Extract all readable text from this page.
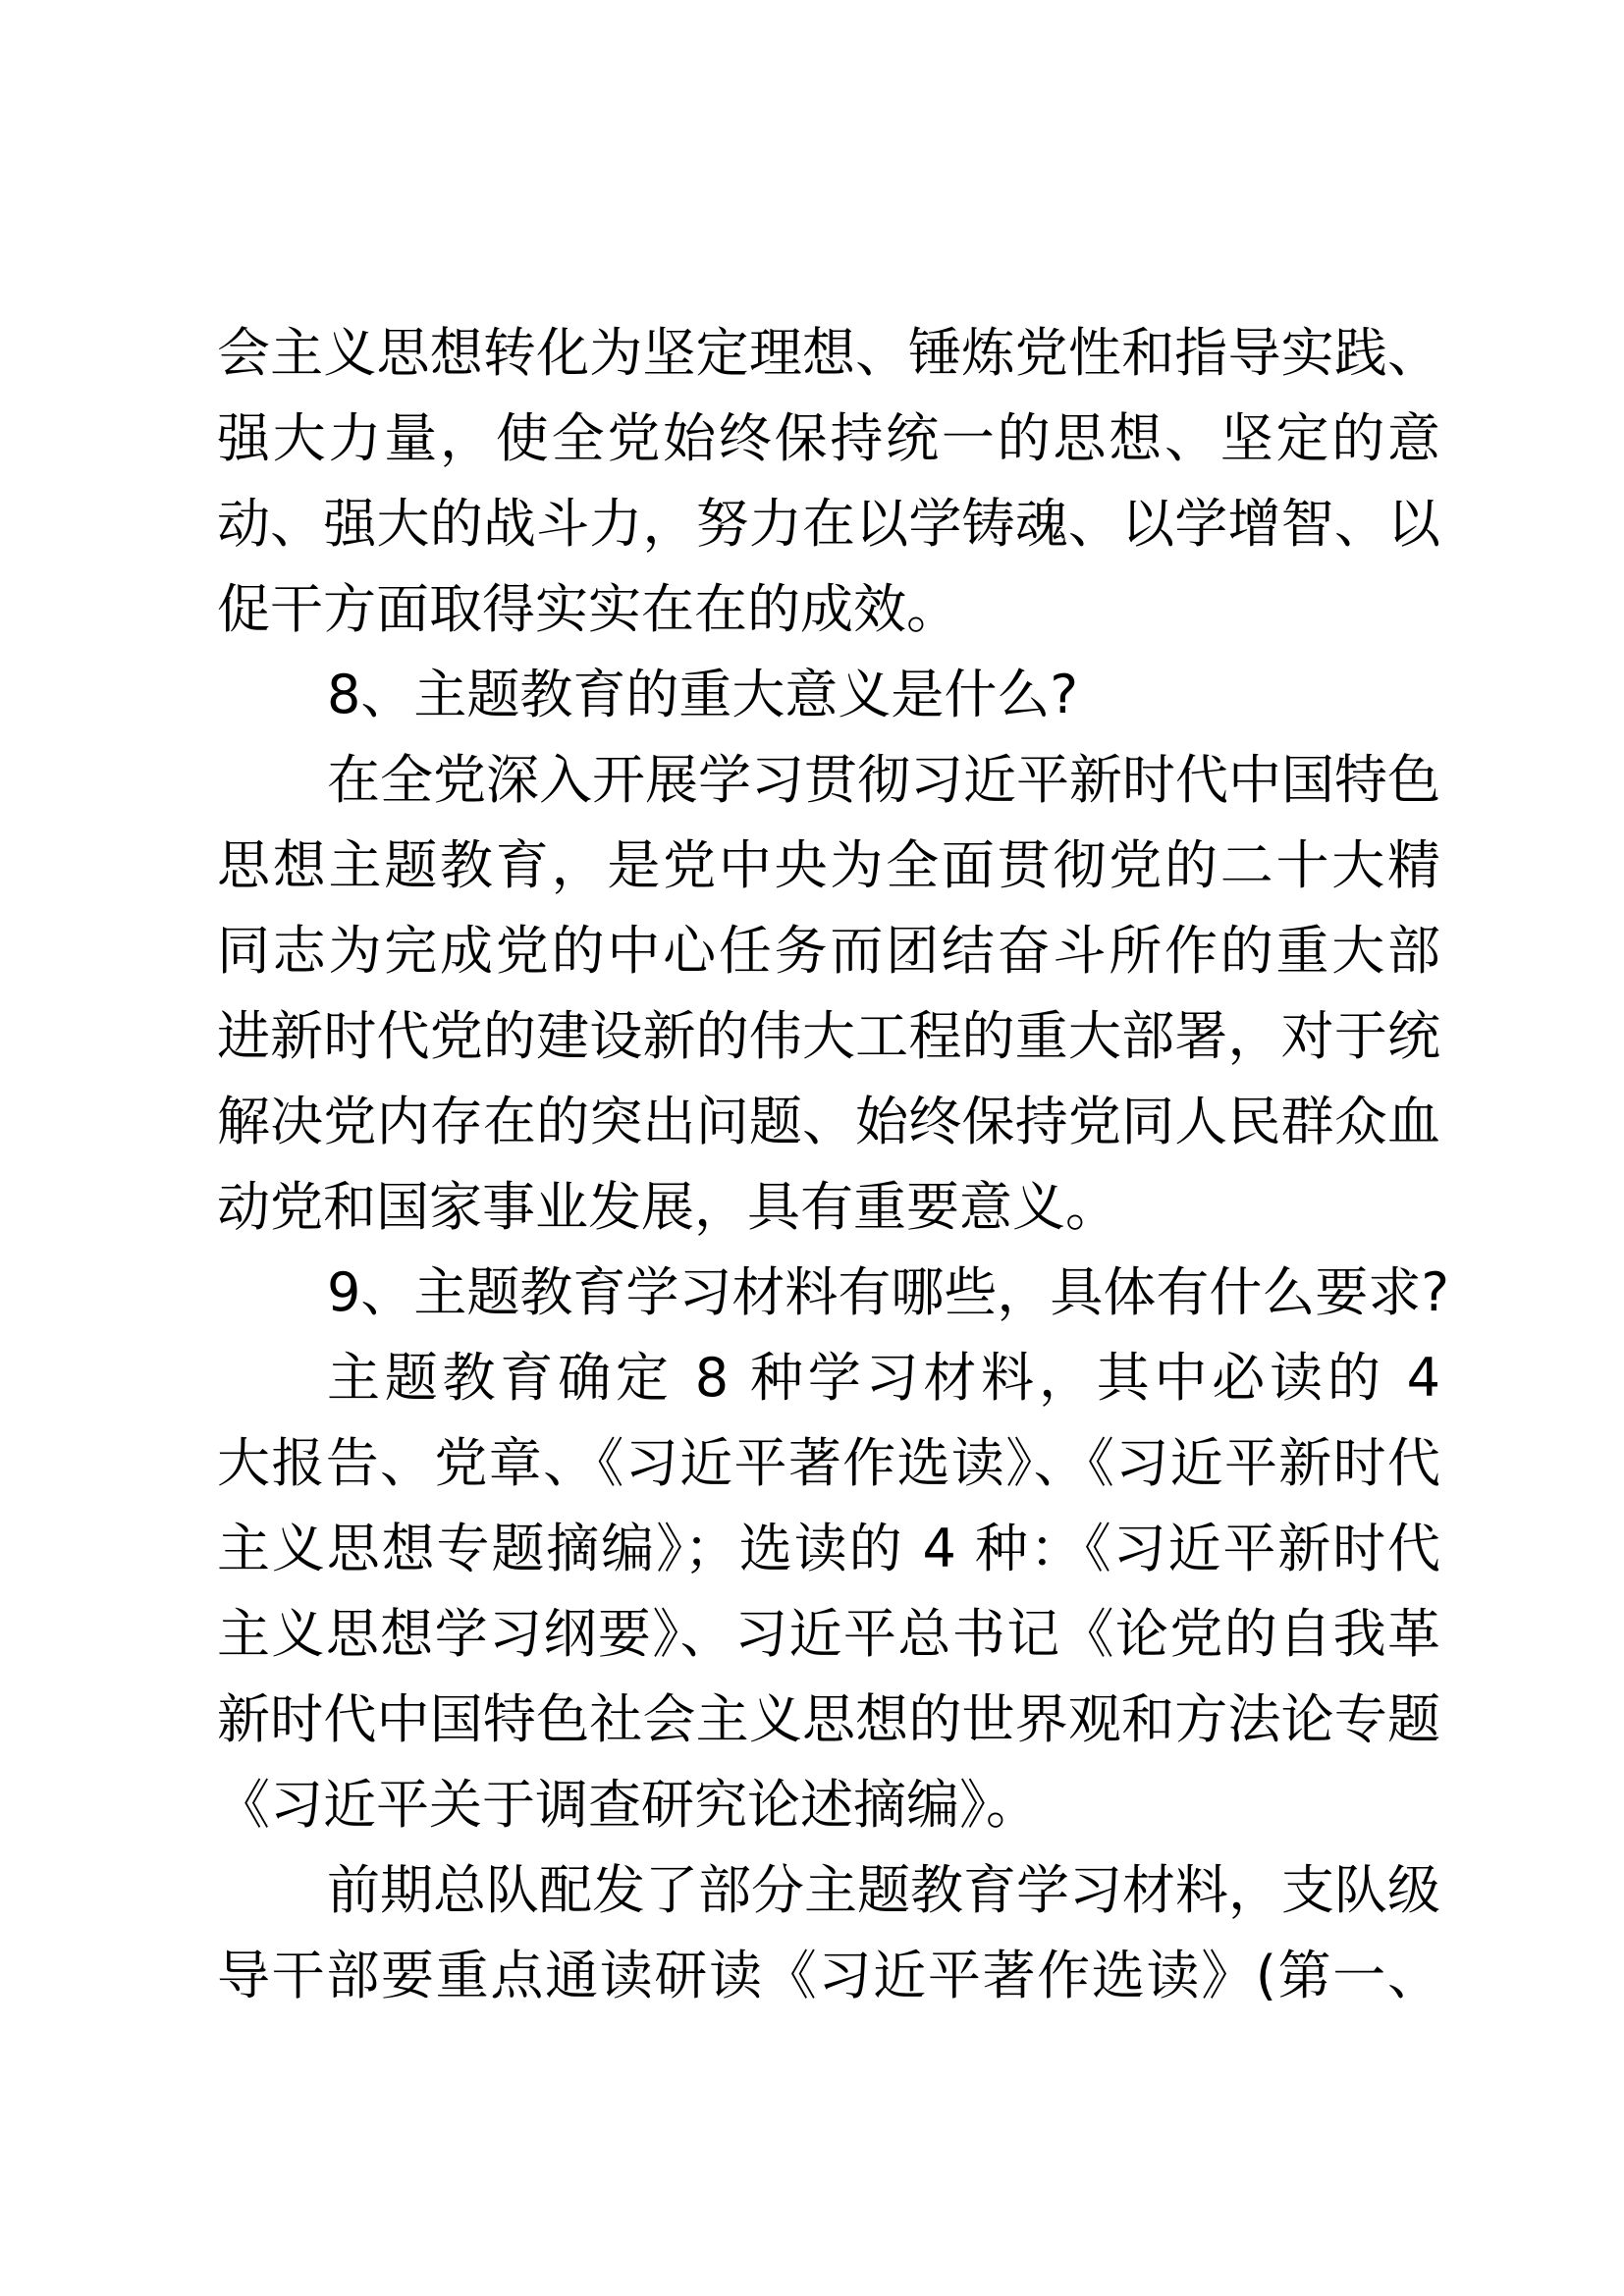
会主义思想转化为坚定理想、锤炼党性和指导实践、
强大力量，使全党始终保持统一的思想、坚定的意
动、强大的战斗力，努力在以学铸魂、以学增智、以
促干方面取得实实在在的成效。
8、主题教育的重大意义是什么?
在全党深入开展学习贯彻习近平新时代中国特色
思想主题教育，是党中央为全面贯彻党的二十大精
同志为完成党的中心任务而团结奋斗所作的重大部
进新时代党的建设新的伟大工程的重大部署，对于统
解决党内存在的突出问题、始终保持党同人民群众血
动党和国家事业发展，具有重要意义。
9、主题教育学习材料有哪些，具体有什么要求?
主题教育确定 8 种学习材料，其中必读的 4
大报告、党章、《习近平著作选读》、《习近平新时代
主义思想专题摘编》；选读的 4 种：《习近平新时代
主义思想学习纲要》、习近平总书记《论党的自我革
新时代中国特色社会主义思想的世界观和方法论专题
《习近平关于调查研究论述摘编》。
前期总队配发了部分主题教育学习材料，支队级
导干部要重点通读研读《习近平著作选读》(第一、
